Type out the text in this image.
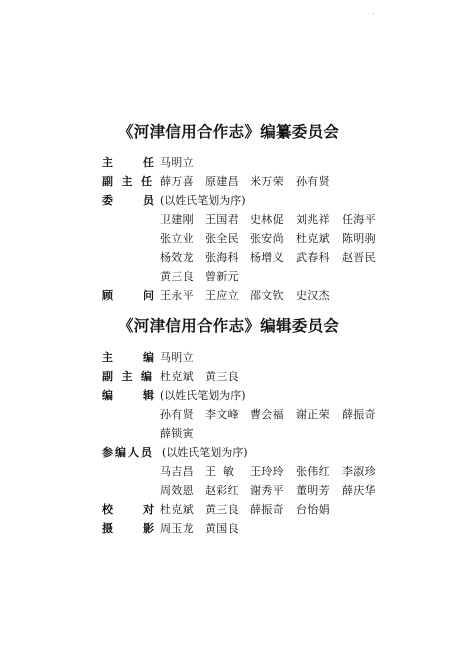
·
《河津信用合作志》编纂委员会
主	任 马明立
副 主 任 薛万喜 原建昌 米万荣 孙有贤
委	员 (以姓氏笔划为序)
卫建刚 王国君 史林促 刘兆祥 任海平
张立业 张全民 张安尚 杜克斌 陈明驹
杨效龙 张海科 杨增义 武春科 赵晋民
黄三良 曾新元
顾	问 王永平 王应立 邵文钦 史汉杰
《河津信用合作志》编辑委员会
主	编 马明立
副 主 编 杜克斌 黄三良
编	辑 (以姓氏笔划为序)
孙有贤 李文峰 曹会福 谢正荣 薛振奇
薛锁寅
参 编 人 员 (以姓氏笔划为序)
马吉昌 王敏 王玲玲 张伟红 李淑珍
周效恩 赵彩红 谢秀平 董明芳 薛庆华
校	对 杜克斌 黄三良 薛振奇 台怡娟
摄	影 周玉龙 黄国良
